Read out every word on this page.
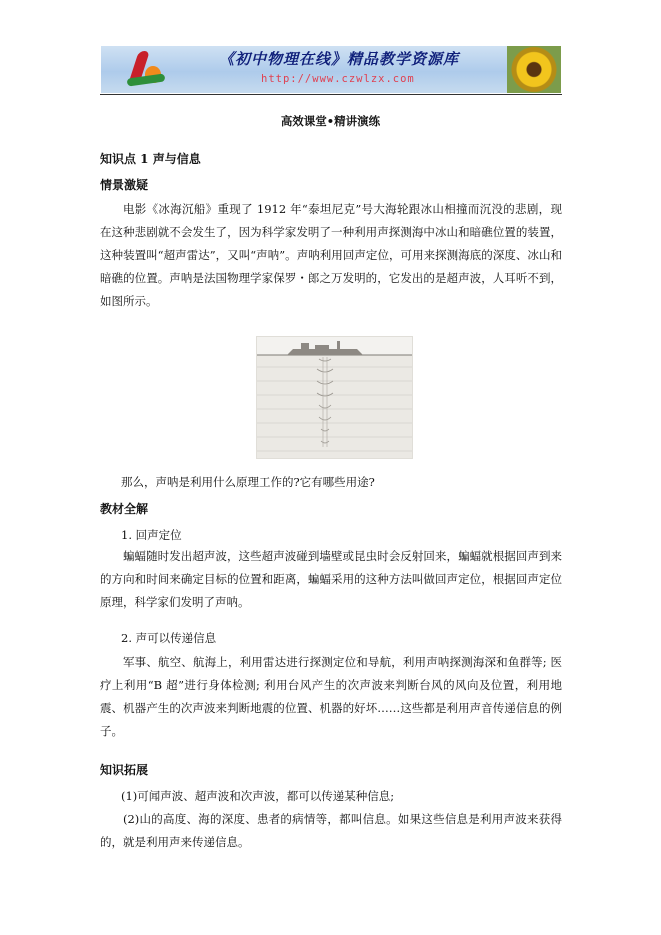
《初中物理在线》精品教学资源库
http://www.czwlzx.com
高效课堂•精讲演练
知识点 1 声与信息
情景激疑

电影《冰海沉船》重现了 1912 年“泰坦尼克”号大海轮跟冰山相撞而沉没的悲剧，现在这种悲剧就不会发生了，因为科学家发明了一种利用声探测海中冰山和暗礁位置的装置，这种装置叫“超声雷达”，又叫“声呐”。声呐利用回声定位，可用来探测海底的深度、冰山和暗礁的位置。声呐是法国物理学家保罗・郎之万发明的，它发出的是超声波，人耳听不到，如图所示。

那么，声呐是利用什么原理工作的?它有哪些用途?
教材全解
1. 回声定位

蝙蝠随时发出超声波，这些超声波碰到墙壁或昆虫时会反射回来，蝙蝠就根据回声到来的方向和时间来确定目标的位置和距离，蝙蝠采用的这种方法叫做回声定位，根据回声定位原理，科学家们发明了声呐。

2. 声可以传递信息

军事、航空、航海上，利用雷达进行探测定位和导航，利用声呐探测海深和鱼群等; 医疗上利用“B 超”进行身体检测; 利用台风产生的次声波来判断台风的风向及位置，利用地震、机器产生的次声波来判断地震的位置、机器的好坏……这些都是利用声音传递信息的例子。

知识拓展
(1)可闻声波、超声波和次声波，都可以传递某种信息;

(2)山的高度、海的深度、患者的病情等，都叫信息。如果这些信息是利用声波来获得的，就是利用声来传递信息。
